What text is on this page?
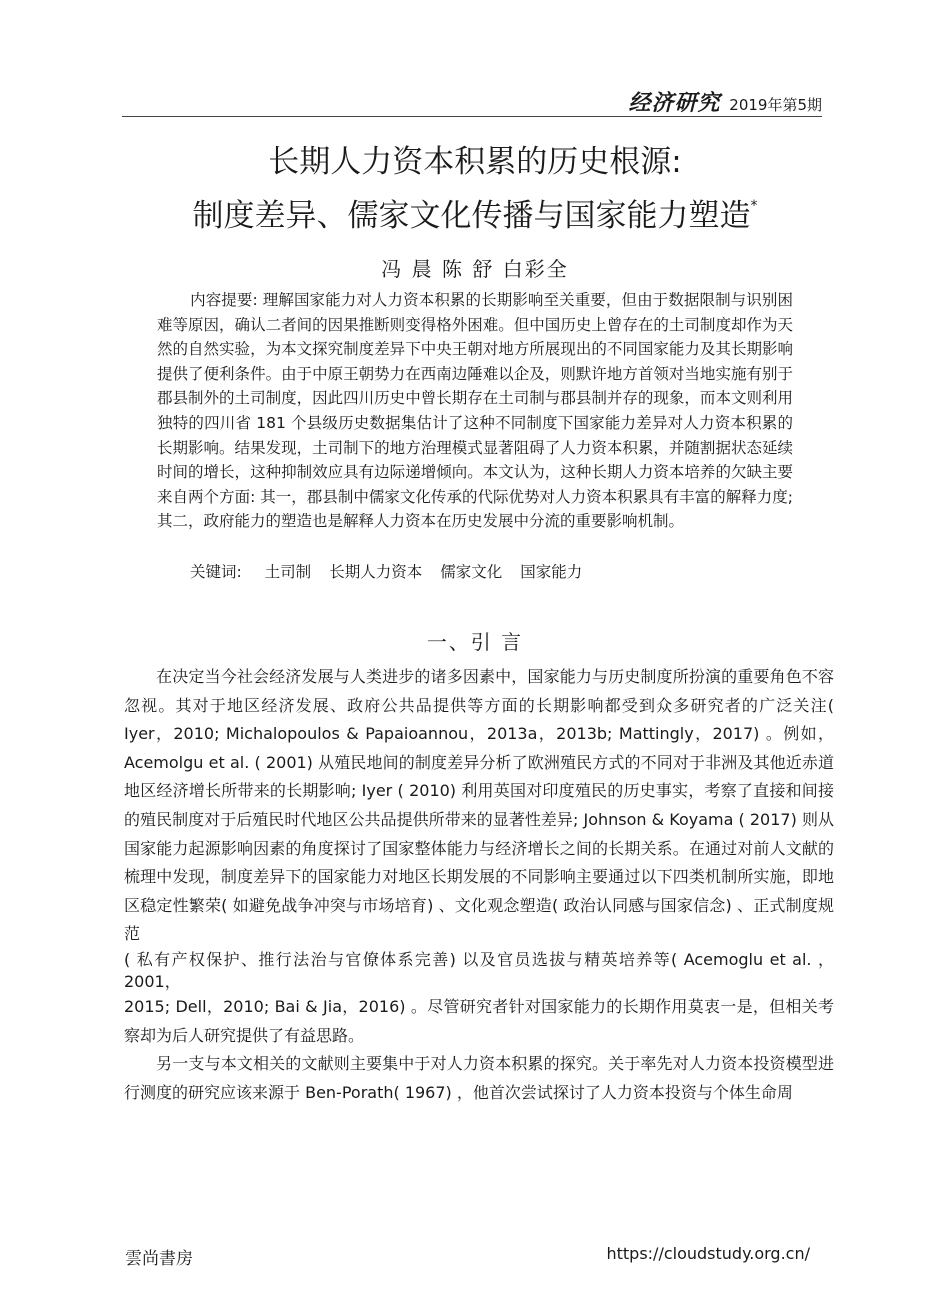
经济研究 2019年第5期
长期人力资本积累的历史根源:
制度差异、儒家文化传播与国家能力塑造*
冯 晨 陈 舒 白彩全

内容提要: 理解国家能力对人力资本积累的长期影响至关重要，但由于数据限制与识别困难等原因，确认二者间的因果推断则变得格外困难。但中国历史上曾存在的土司制度却作为天然的自然实验，为本文探究制度差异下中央王朝对地方所展现出的不同国家能力及其长期影响提供了便利条件。由于中原王朝势力在西南边陲难以企及，则默许地方首领对当地实施有别于郡县制外的土司制度，因此四川历史中曾长期存在土司制与郡县制并存的现象，而本文则利用独特的四川省 181 个县级历史数据集估计了这种不同制度下国家能力差异对人力资本积累的长期影响。结果发现，土司制下的地方治理模式显著阻碍了人力资本积累，并随割据状态延续时间的增长，这种抑制效应具有边际递增倾向。本文认为，这种长期人力资本培养的欠缺主要来自两个方面: 其一，郡县制中儒家文化传承的代际优势对人力资本积累具有丰富的解释力度; 其二，政府能力的塑造也是解释人力资本在历史发展中分流的重要影响机制。

关键词: 土司制 长期人力资本 儒家文化 国家能力
一、引 言

在决定当今社会经济发展与人类进步的诸多因素中，国家能力与历史制度所扮演的重要角色不容忽视。其对于地区经济发展、政府公共品提供等方面的长期影响都受到众多研究者的广泛关注( Iyer，2010; Michalopoulos & Papaioannou，2013a，2013b; Mattingly，2017) 。例如，Acemolgu et al. ( 2001) 从殖民地间的制度差异分析了欧洲殖民方式的不同对于非洲及其他近赤道地区经济增长所带来的长期影响; Iyer ( 2010) 利用英国对印度殖民的历史事实，考察了直接和间接的殖民制度对于后殖民时代地区公共品提供所带来的显著性差异; Johnson & Koyama ( 2017) 则从国家能力起源影响因素的角度探讨了国家整体能力与经济增长之间的长期关系。在通过对前人文献的梳理中发现，制度差异下的国家能力对地区长期发展的不同影响主要通过以下四类机制所实施，即地区稳定性繁荣( 如避免战争冲突与市场培育) 、文化观念塑造( 政治认同感与国家信念) 、正式制度规范

( 私有产权保护、推行法治与官僚体系完善) 以及官员选拔与精英培养等( Acemoglu et al. ，2001，

2015; Dell，2010; Bai & Jia，2016) 。尽管研究者针对国家能力的长期作用莫衷一是，但相关考察却为后人研究提供了有益思路。

另一支与本文相关的文献则主要集中于对人力资本积累的探究。关于率先对人力资本投资模型进行测度的研究应该来源于 Ben-Porath( 1967) ，他首次尝试探讨了人力资本投资与个体生命周

雲尚書房	https://cloudstudy.org.cn/
